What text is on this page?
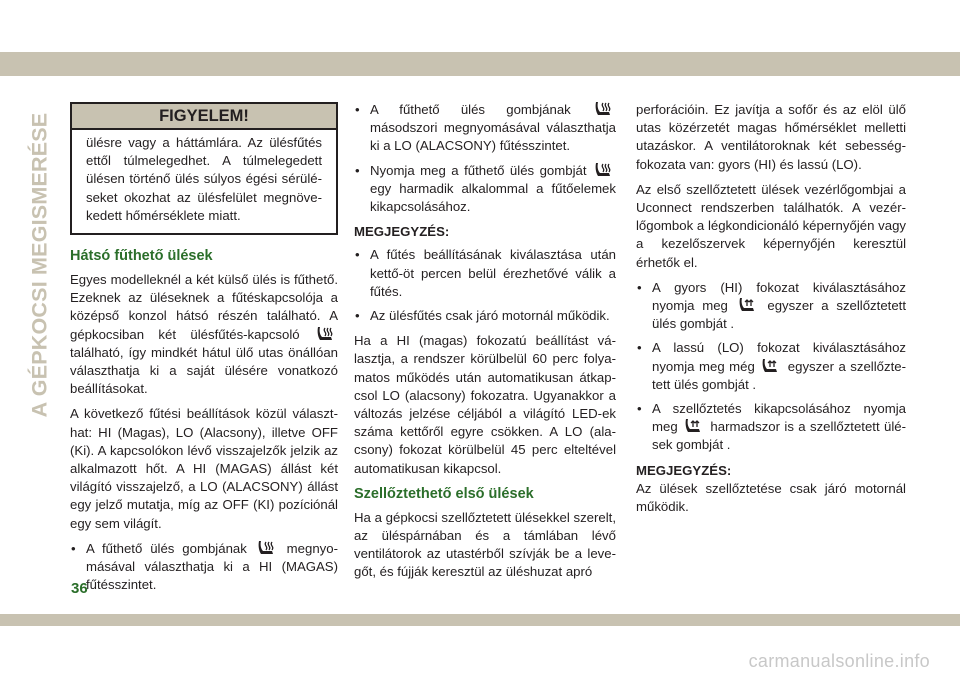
A GÉPKOCSI MEGISMERÉSE	FIGYELEM!
ülésre vagy a háttámlára. Az ülésfűtés ettől túlmelegedhet. A túlmelegedett ülésen történő ülés súlyos égési sérüléseket okozhat az ülésfelület megnövekedett hőmérséklete miatt.
Hátsó fűthető ülések

Egyes modelleknél a két külső ülés is fűthető. Ezeknek az üléseknek a fűtéskapcsolója a középső konzol hátsó részén található. A gépkocsiban két ülésfűtés-kapcsoló
található, így mindkét hátul ülő utas önállóan választhatja ki a saját ülésére vonatkozó beállításokat.

A következő fűtési beállítások közül választhat: HI (Magas), LO (Alacsony), illetve OFF (Ki). A kapcsolókon lévő visszajelzők jelzik az alkalmazott hőt. A HI (MAGAS) állást két világító visszajelző, a LO (ALACSONY) állást egy jelző mutatja, míg az OFF (KI) pozíciónál egy sem világít.

• A fűthető ülés gombjának	megnyomásával választhatja ki a HI (MAGAS) fűtésszintet.
• A fűthető ülés gombjának
másodszori megnyomásával választhatja ki a LO (ALACSONY) fűtésszintet.
• Nyomja meg a fűthető ülés gombját
egy harmadik alkalommal a fűtőelemek kikapcsolásához.
MEGJEGYZÉS:
• A fűtés beállításának kiválasztása után kettő-öt percen belül érezhetővé válik a fűtés.
• Az ülésfűtés csak járó motornál működik.

Ha a HI (magas) fokozatú beállítást választja, a rendszer körülbelül 60 perc folyamatos működés után automatikusan átkapcsol LO (alacsony) fokozatra. Ugyanakkor a változás jelzése céljából a világító LED-ek száma kettőről egyre csökken. A LO (alacsony) fokozat körülbelül 45 perc elteltével automatikusan kikapcsol.

Szellőztethető első ülések

Ha a gépkocsi szellőztetett ülésekkel szerelt, az üléspárnában és a támlában lévő ventilátorok az utastérből szívják be a levegőt, és fújják keresztül az üléshuzat apró

perforációin. Ez javítja a sofőr és az elöl ülő utas közérzetét magas hőmérséklet melletti utazáskor. A ventilátoroknak két sebességfokozata van: gyors (HI) és lassú (LO).

Az első szellőztetett ülések vezérlőgombjai a Uconnect rendszerben találhatók. A vezérlőgombok a légkondicionáló képernyőjén vagy a kezelőszervek képernyőjén keresztül érhetők el.

• A gyors (HI) fokozat kiválasztásához nyomja meg	egyszer a szellőztetett ülés gombját .
• A lassú (LO) fokozat kiválasztásához nyomja meg még	egyszer a szellőztetett ülés gombját .
• A szellőztetés kikapcsolásához nyomja meg harmadszor is a szellőztetett ülések gombját .
MEGJEGYZÉS:

Az ülések szellőztetése csak járó motornál működik.

36
carmanualsonline.info
